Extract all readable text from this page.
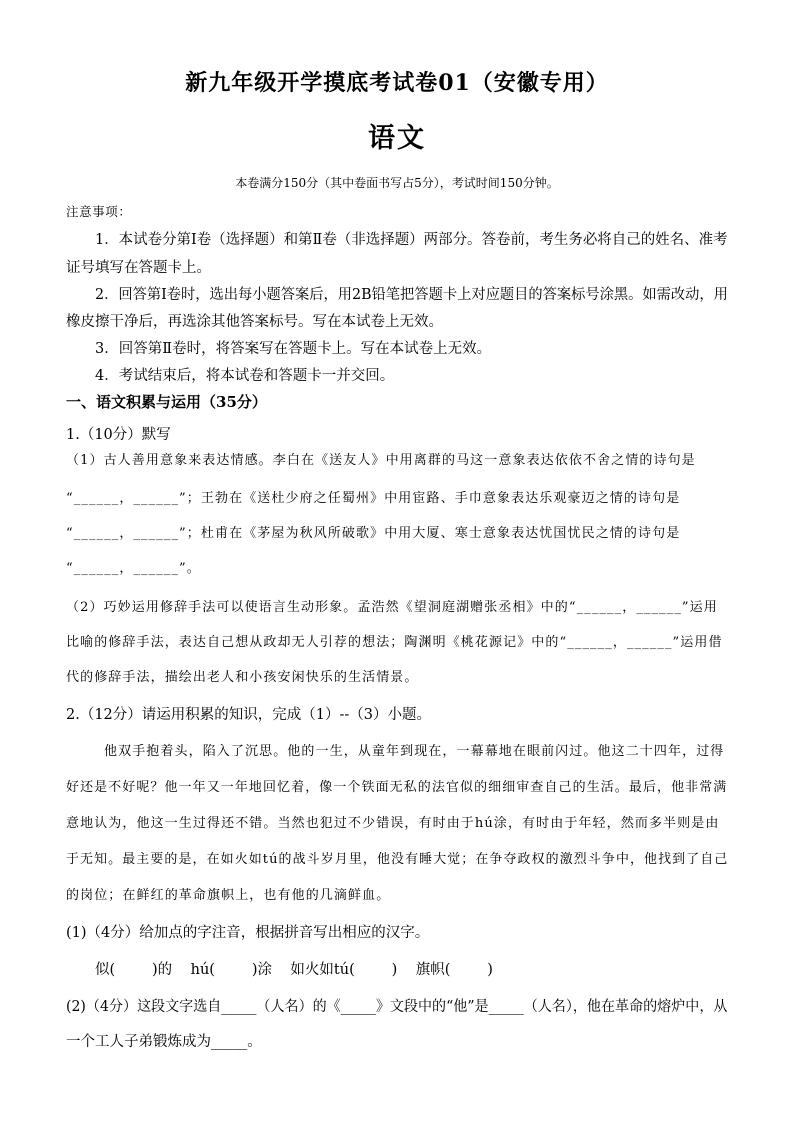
新九年级开学摸底考试卷01（安徽专用）
语文
本卷满分150分（其中卷面书写占5分），考试时间150分钟。
注意事项：
1．本试卷分第Ⅰ卷（选择题）和第Ⅱ卷（非选择题）两部分。答卷前，考生务必将自己的姓名、准考
证号填写在答题卡上。
2．回答第Ⅰ卷时，选出每小题答案后，用2B铅笔把答题卡上对应题目的答案标号涂黑。如需改动，用
橡皮擦干净后，再选涂其他答案标号。写在本试卷上无效。
3．回答第Ⅱ卷时，将答案写在答题卡上。写在本试卷上无效。
4．考试结束后，将本试卷和答题卡一并交回。
一、语文积累与运用（35分）
1.（10分）默写
（1）古人善用意象来表达情感。李白在《送友人》中用离群的马这一意象表达依依不舍之情的诗句是
“______，______”；王勃在《送杜少府之任蜀州》中用宦路、手巾意象表达乐观豪迈之情的诗句是
“______，______”；杜甫在《茅屋为秋风所破歌》中用大厦、寒士意象表达忧国忧民之情的诗句是
“______，______”。
（2）巧妙运用修辞手法可以使语言生动形象。孟浩然《望洞庭湖赠张丞相》中的“______，______”运用
比喻的修辞手法，表达自己想从政却无人引荐的想法；陶渊明《桃花源记》中的“______，______”运用借
代的修辞手法，描绘出老人和小孩安闲快乐的生活情景。
2.（12分）请运用积累的知识，完成（1）--（3）小题。
他双手抱着头，陷入了沉思。他的一生，从童年到现在，一幕幕地在眼前闪过。他这二十四年，过得
好还是不好呢？他一年又一年地回忆着，像一个铁面无私的法官似的细细审查自己的生活。最后，他非常满
意地认为，他这一生过得还不错。当然也犯过不少错误，有时由于hú涂，有时由于年轻，然而多半则是由
于无知。最主要的是，在如火如tú的战斗岁月里，他没有睡大觉；在争夺政权的激烈斗争中，他找到了自己
的岗位；在鲜红的革命旗帜上，也有他的几滴鲜血。
(1)（4分）给加点的字注音，根据拼音写出相应的汉字。
似(        )的    hú(        )涂    如火如tú(        )    旗帜(        )
(2)（4分）这段文字选自_____（人名）的《_____》文段中的“他”是_____（人名），他在革命的熔炉中，从
一个工人子弟锻炼成为_____。
